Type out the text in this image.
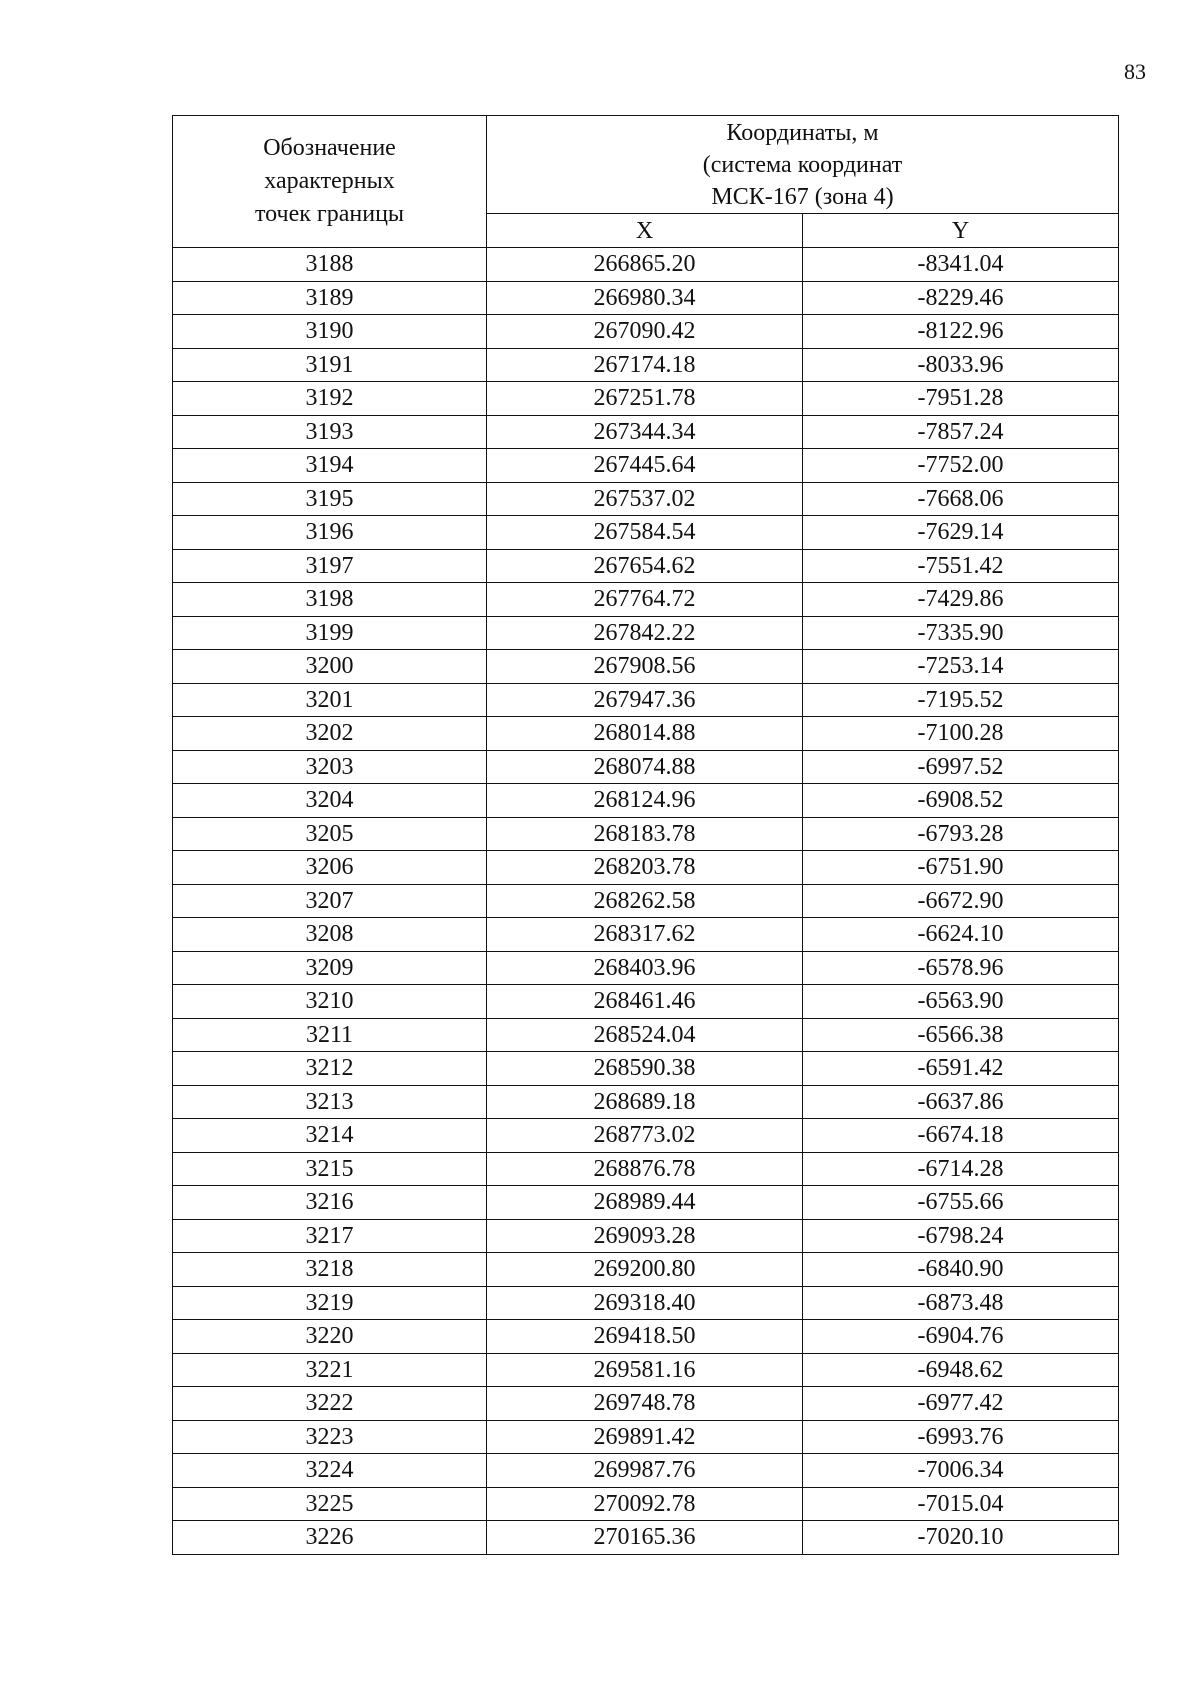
83
Обозначение
характерных
точек границы	Координаты, м
(система координат
МСК-167 (зона 4)	

	X	Y
3188	266865.20	-8341.04
3189	266980.34	-8229.46
3190	267090.42	-8122.96
3191	267174.18	-8033.96
3192	267251.78	-7951.28
3193	267344.34	-7857.24
3194	267445.64	-7752.00
3195	267537.02	-7668.06
3196	267584.54	-7629.14
3197	267654.62	-7551.42
3198	267764.72	-7429.86
3199	267842.22	-7335.90
3200	267908.56	-7253.14
3201	267947.36	-7195.52
3202	268014.88	-7100.28
3203	268074.88	-6997.52
3204	268124.96	-6908.52
3205	268183.78	-6793.28
3206	268203.78	-6751.90
3207	268262.58	-6672.90
3208	268317.62	-6624.10
3209	268403.96	-6578.96
3210	268461.46	-6563.90
3211	268524.04	-6566.38
3212	268590.38	-6591.42
3213	268689.18	-6637.86
3214	268773.02	-6674.18
3215	268876.78	-6714.28
3216	268989.44	-6755.66
3217	269093.28	-6798.24
3218	269200.80	-6840.90
3219	269318.40	-6873.48
3220	269418.50	-6904.76
3221	269581.16	-6948.62
3222	269748.78	-6977.42
3223	269891.42	-6993.76
3224	269987.76	-7006.34
3225	270092.78	-7015.04
3226	270165.36	-7020.10
